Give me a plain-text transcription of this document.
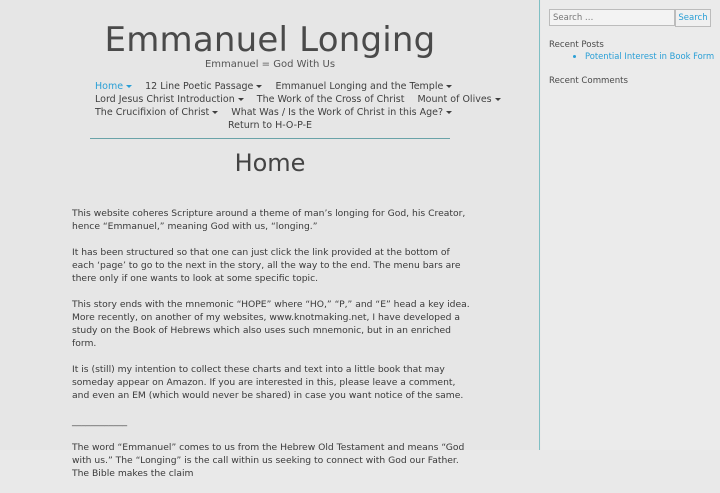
Emmanuel Longing
Emmanuel = God With Us
Home 12 Line Poetic Passage Emmanuel Longing and the Temple
Lord Jesus Christ Introduction The Work of the Cross of Christ Mount of Olives
The Crucifixion of Christ What Was / Is the Work of Christ in this Age?
Return to H-O-P-E
Home

This website coheres Scripture around a theme of man’s longing for God, his Creator, hence “Emmanuel,” meaning God with us, “longing.”

It has been structured so that one can just click the link provided at the bottom of each ‘page’ to go to the next in the story, all the way to the end. The menu bars are there only if one wants to look at some specific topic.

This story ends with the mnemonic “HOPE” where “HO,” “P,” and “E” head a key idea. More recently, on another of my websites, www.knotmaking.net, I have developed a study on the Book of Hebrews which also uses such mnemonic, but in an enriched form.

It is (still) my intention to collect these charts and text into a little book that may someday appear on Amazon. If you are interested in this, please leave a comment, and even an EM (which would never be shared) in case you want notice of the same.

____________

The word “Emmanuel” comes to us from the Hebrew Old Testament and means “God with us.” The “Longing” is the call within us seeking to connect with God our Father. The Bible makes the claim

Search …
Search
Recent Posts
• Potential Interest in Book Form
Recent Comments
